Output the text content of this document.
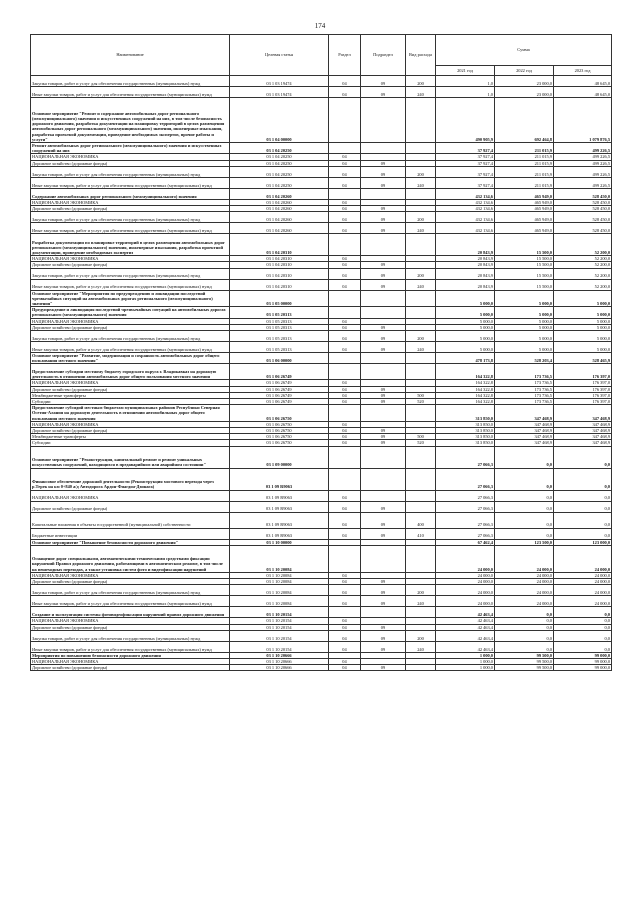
174
Наименование	Целевая статья	Раздел	Подраздел	Вид расхода	Сумма		
					2021 год	2022 год	2023 год
Закупка товаров, работ и услуг для обеспечения государственных (муниципальных) нужд	03 1 03 19474	04	09	200	1,0	23 000,0	48 645,0
Иные закупки товаров, работ и услуг для обеспечения государственных (муниципальных) нужд	03 1 03 19474	04	09	240	1,0	23 000,0	48 645,0
Основное мероприятие "Ремонт и содержание автомобильных дорог регионального (межмуниципального) значения и искусственных сооружений на них, в том числе безопасность дорожного движения, разработка документации на планировку территорий в целях размещения автомобильных дорог регионального (межмуниципального) значения, инженерные изыскания, разработка проектной документации, проведение необходимых экспертиз, прочие работы и услуги"	03 1 04 00000				490 905,9	692 464,8	1 079 876,5
Ремонт автомобильных дорог регионального (межмуниципального) значения и искусственных сооружений на них	03 1 04 20250				37 927,4	211 015,9	499 226,5
НАЦИОНАЛЬНАЯ ЭКОНОМИКА	03 1 04 20250	04			37 927,4	211 015,9	499 226,5
Дорожное хозяйство (дорожные фонды)	03 1 04 20250	04	09		37 927,4	211 015,9	499 226,5
Закупка товаров, работ и услуг для обеспечения государственных (муниципальных) нужд	03 1 04 20250	04	09	200	37 927,4	211 015,9	499 226,5
Иные закупки товаров, работ и услуг для обеспечения государственных (муниципальных) нужд	03 1 04 20250	04	09	240	37 927,4	211 015,9	499 226,5
Содержание автомобильных дорог регионального (межмуниципального) значения	03 1 04 20260				432 134,6	465 949,0	528 450,0
НАЦИОНАЛЬНАЯ ЭКОНОМИКА	03 1 04 20260	04			432 134,6	465 949,0	528 450,0
Дорожное хозяйство (дорожные фонды)	03 1 04 20260	04	09		432 134,6	465 949,0	528 450,0
Закупка товаров, работ и услуг для обеспечения государственных (муниципальных) нужд	03 1 04 20260	04	09	200	432 134,6	465 949,0	528 450,0
Иные закупки товаров, работ и услуг для обеспечения государственных (муниципальных) нужд	03 1 04 20260	04	09	240	432 134,6	465 949,0	528 450,0
Разработка документации по планировке территорий в целях размещения автомобильных дорог регионального (межмуниципального) значения, инженерные изыскания, разработка проектной документации, проведение необходимых экспертиз	03 1 04 20310				20 843,9	15 500,0	52 200,0
НАЦИОНАЛЬНАЯ ЭКОНОМИКА	03 1 04 20310	04			20 843,9	15 500,0	52 200,0
Дорожное хозяйство (дорожные фонды)	03 1 04 20310	04	09		20 843,9	15 500,0	52 200,0
Закупка товаров, работ и услуг для обеспечения государственных (муниципальных) нужд	03 1 04 20310	04	09	200	20 843,9	15 500,0	52 200,0
Иные закупки товаров, работ и услуг для обеспечения государственных (муниципальных) нужд	03 1 04 20310	04	09	240	20 843,9	15 500,0	52 200,0
Основное мероприятие "Мероприятия по предупреждению и ликвидации последствий чрезвычайных ситуаций на автомобильных дорогах регионального (межмуниципального) значения"	03 1 05 00000				5 000,0	5 000,0	5 000,0
Предупреждение и ликвидация последствий чрезвычайных ситуаций на автомобильных дорогах регионального (межмуниципального) значения	03 1 05 20313				5 000,0	5 000,0	5 000,0
НАЦИОНАЛЬНАЯ ЭКОНОМИКА	03 1 05 20313	04			5 000,0	5 000,0	5 000,0
Дорожное хозяйство (дорожные фонды)	03 1 05 20313	04	09		5 000,0	5 000,0	5 000,0
Закупка товаров, работ и услуг для обеспечения государственных (муниципальных) нужд	03 1 05 20313	04	09	200	5 000,0	5 000,0	5 000,0
Иные закупки товаров, работ и услуг для обеспечения государственных (муниципальных) нужд	03 1 05 20313	04	09	240	5 000,0	5 000,0	5 000,0
Основное мероприятие "Развитие, модернизация и сохранность автомобильных дорог общего пользования местного значения"	03 1 06 00000				478 173,8	528 203,4	528 465,9
Предоставление субсидии местному бюджету городского округа г. Владикавказ на дорожную деятельность в отношении автомобильных дорог общего пользования местного значения	03 1 06 26749				164 322,8	173 736,5	176 397,0
НАЦИОНАЛЬНАЯ ЭКОНОМИКА	03 1 06 26749	04			164 322,8	173 736,5	176 397,0
Дорожное хозяйство (дорожные фонды)	03 1 06 26749	04	09		164 322,8	173 736,5	176 397,0
Межбюджетные трансферты	03 1 06 26749	04	09	500	164 322,8	173 736,5	176 397,0
Субсидии	03 1 06 26749	04	09	520	164 322,8	173 736,5	176 397,0
Предоставление субсидий местным бюджетам муниципальных районов Республики Северная Осетия-Алания на дорожную деятельность в отношении автомобильных дорог общего пользования местного значения	03 1 06 26750				313 850,0	347 468,9	347 468,9
НАЦИОНАЛЬНАЯ ЭКОНОМИКА	03 1 06 26750	04			313 850,0	347 468,9	347 468,9
Дорожное хозяйство (дорожные фонды)	03 1 06 26750	04	09		313 850,0	347 468,9	347 468,9
Межбюджетные трансферты	03 1 06 26750	04	09	500	313 850,0	347 468,9	347 468,9
Субсидии	03 1 06 26750	04	09	520	313 850,0	347 468,9	347 468,9
Основное мероприятие "Реконструкция, капитальный ремонт и ремонт уникальных искусственных сооружений, находящихся в предаварийном или аварийном состоянии"	03 1 09 00000				27 066,3	0,0	0,0
Финансовое обеспечение дорожной деятельности (Реконструкция мостового перехода через р.Терек на км 0+840 а/д Автодорога Ардон-Фиагдон-Дзинага)	03 1 09 R9063				27 066,3	0,0	0,0
НАЦИОНАЛЬНАЯ ЭКОНОМИКА	03 1 09 R9063	04			27 066,3	0,0	0,0
Дорожное хозяйство (дорожные фонды)	03 1 09 R9063	04	09		27 066,3	0,0	0,0
Капитальные вложения в объекты государственной (муниципальной) собственности	03 1 09 R9063	04	09	400	27 066,3	0,0	0,0
Бюджетные инвестиции	03 1 09 R9063	04	09	410	27 066,3	0,0	0,0
Основное мероприятие "Повышение безопасности дорожного движения"	03 1 10 00000				67 462,4	123 500,0	123 000,0
Оснащение дорог специальными, автоматическими техническими средствами фиксации нарушений Правил дорожного движения, работающими в автоматическом режиме, в том числе на пешеходных переходах, а также установка систем фото и видеофиксации нарушений	03 1 10 20084				24 000,0	24 000,0	24 000,0
НАЦИОНАЛЬНАЯ ЭКОНОМИКА	03 1 10 20084	04			24 000,0	24 000,0	24 000,0
Дорожное хозяйство (дорожные фонды)	03 1 10 20084	04	09		24 000,0	24 000,0	24 000,0
Закупка товаров, работ и услуг для обеспечения государственных (муниципальных) нужд	03 1 10 20084	04	09	200	24 000,0	24 000,0	24 000,0
Иные закупки товаров, работ и услуг для обеспечения государственных (муниципальных) нужд	03 1 10 20084	04	09	240	24 000,0	24 000,0	24 000,0
Создание и эксплуатация системы фотовидеофиксации нарушений правил дорожного движения	03 1 10 20154				42 463,4	0,0	0,0
НАЦИОНАЛЬНАЯ ЭКОНОМИКА	03 1 10 20154	04			42 463,4	0,0	0,0
Дорожное хозяйство (дорожные фонды)	03 1 10 20154	04	09		42 463,4	0,0	0,0
Закупка товаров, работ и услуг для обеспечения государственных (муниципальных) нужд	03 1 10 20154	04	09	200	42 463,4	0,0	0,0
Иные закупки товаров, работ и услуг для обеспечения государственных (муниципальных) нужд	03 1 10 20154	04	09	240	42 463,4	0,0	0,0
Мероприятия по повышению безопасности дорожного движения	03 1 10 20666				1 000,0	99 500,0	99 000,0
НАЦИОНАЛЬНАЯ ЭКОНОМИКА	03 1 10 20666	04			1 000,0	99 500,0	99 000,0
Дорожное хозяйство (дорожные фонды)	03 1 10 20666	04	09		1 000,0	99 500,0	99 000,0
